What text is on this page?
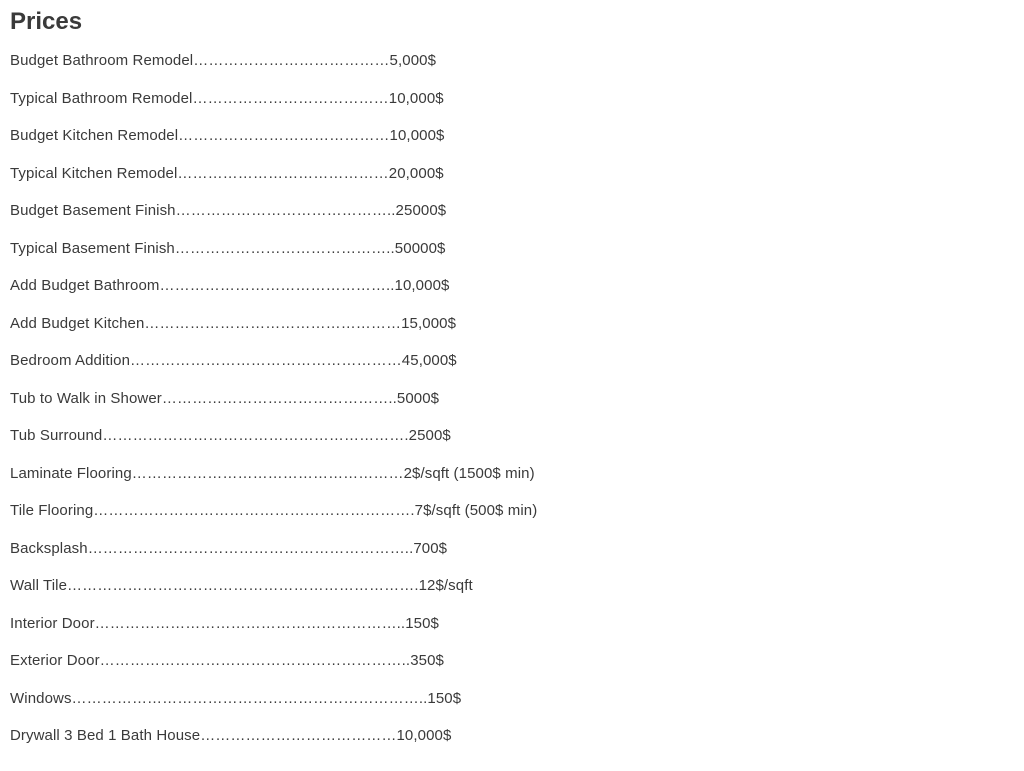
Prices
Budget Bathroom Remodel…………………………………5,000$
Typical Bathroom Remodel…………………………………10,000$
Budget Kitchen Remodel……………………………………10,000$
Typical Kitchen Remodel……………………………………20,000$
Budget Basement Finish……………………………………..25000$
Typical Basement Finish……………………………………..50000$
Add Budget Bathroom………………………………………..10,000$
Add Budget Kitchen……………………………………………15,000$
Bedroom Addition………………………………………………45,000$
Tub to Walk in Shower………………………………………..5000$
Tub Surround…………………………………………………….2500$
Laminate Flooring………………………………………………2$/sqft (1500$ min)
Tile Flooring……………………………………………………….7$/sqft (500$ min)
Backsplash………………………………………………………..700$
Wall Tile…………………………………………………………….12$/sqft
Interior Door……………………………………………………..150$
Exterior Door……………………………………………………..350$
Windows……………………………………………………………..150$
Drywall 3 Bed 1 Bath House…………………………………10,000$
